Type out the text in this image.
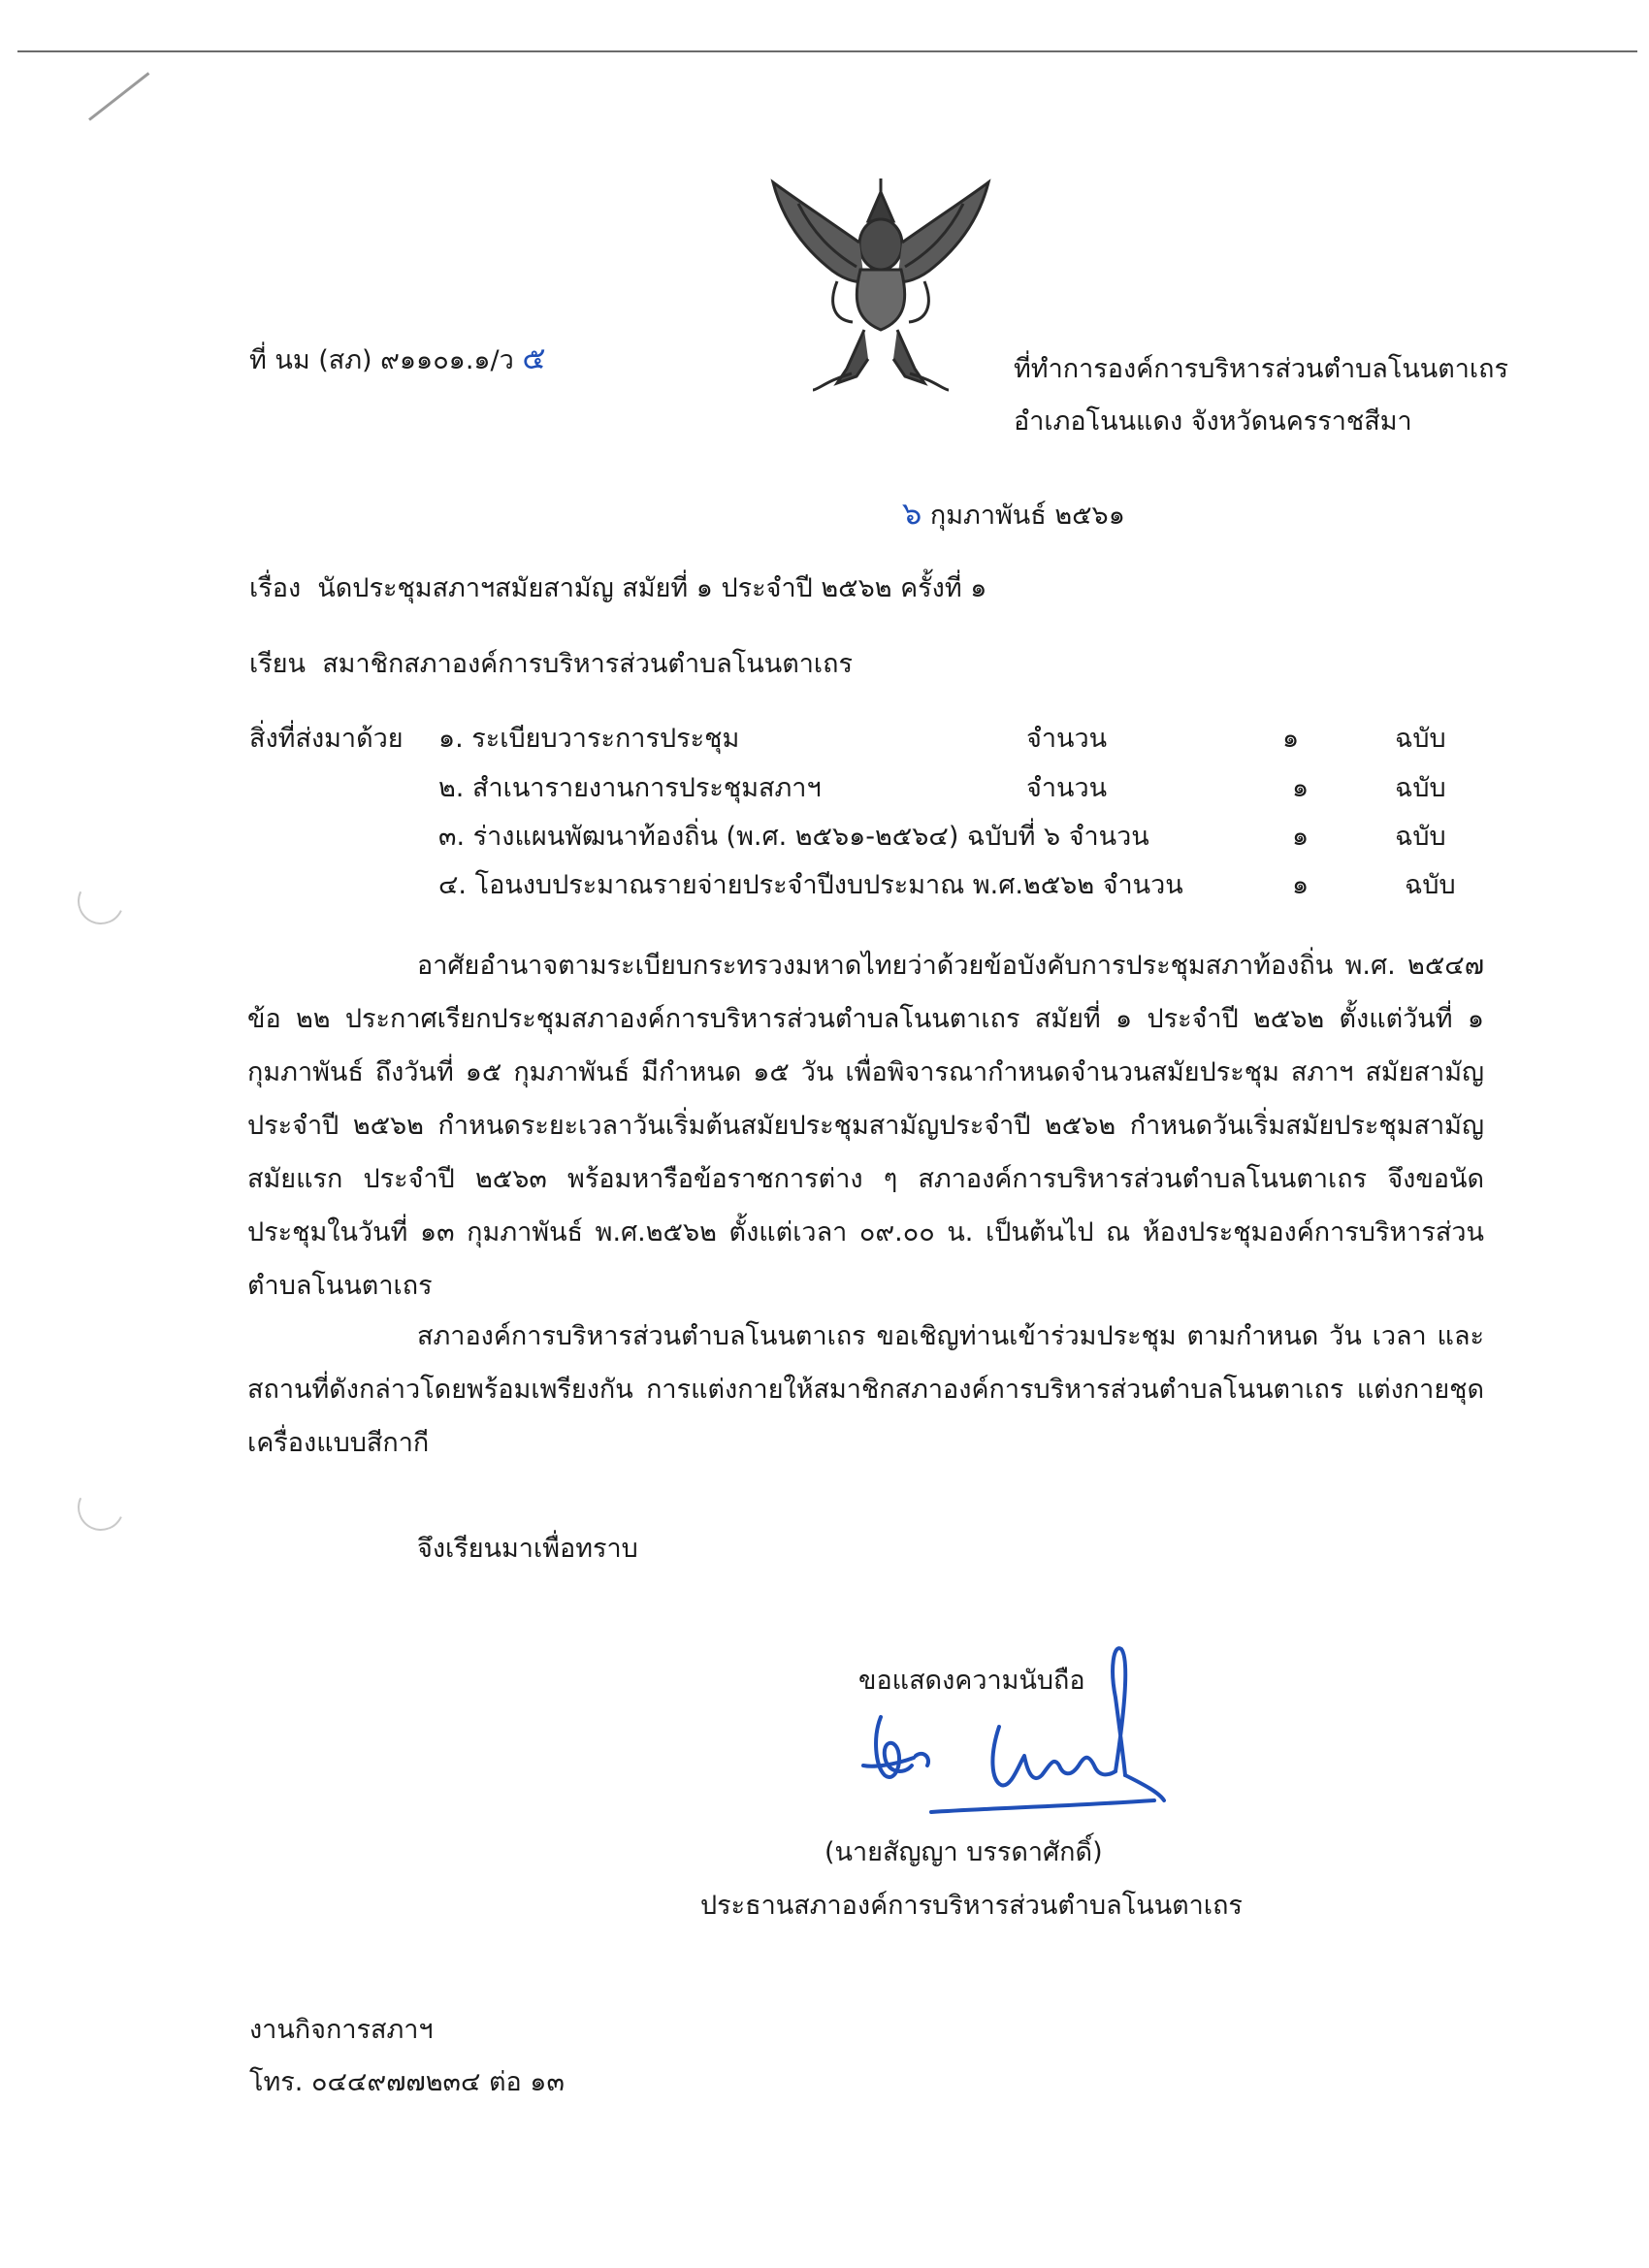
ที่ นม (สภ) ๙๑๑๐๑.๑/ว ๕	ที่ทำการองค์การบริหารส่วนตำบลโนนตาเถร
อำเภอโนนแดง จังหวัดนครราชสีมา
๖ กุมภาพันธ์ ๒๕๖๑
เรื่อง นัดประชุมสภาฯสมัยสามัญ สมัยที่ ๑ ประจำปี ๒๕๖๒ ครั้งที่ ๑
เรียน สมาชิกสภาองค์การบริหารส่วนตำบลโนนตาเถร
สิ่งที่ส่งมาด้วย ๑. ระเบียบวาระการประชุม	จำนวน	๑	ฉบับ
๒. สำเนารายงานการประชุมสภาฯ	จำนวน	๑	ฉบับ
๓. ร่างแผนพัฒนาท้องถิ่น (พ.ศ. ๒๕๖๑-๒๕๖๔) ฉบับที่ ๖ จำนวน	๑	ฉบับ
๔. โอนงบประมาณรายจ่ายประจำปีงบประมาณ พ.ศ.๒๕๖๒ จำนวน	๑	ฉบับ
อาศัยอำนาจตามระเบียบกระทรวงมหาดไทยว่าด้วยข้อบังคับการประชุมสภาท้องถิ่น พ.ศ. ๒๕๔๗ ข้อ ๒๒ ประกาศเรียกประชุมสภาองค์การบริหารส่วนตำบลโนนตาเถร สมัยที่ ๑ ประจำปี ๒๕๖๒ ตั้งแต่วันที่ ๑ กุมภาพันธ์ ถึงวันที่ ๑๕ กุมภาพันธ์ มีกำหนด ๑๕ วัน เพื่อพิจารณากำหนดจำนวนสมัยประชุม สภาฯ สมัยสามัญประจำปี ๒๕๖๒ กำหนดระยะเวลาวันเริ่มต้นสมัยประชุมสามัญประจำปี ๒๕๖๒ กำหนดวันเริ่มสมัยประชุมสามัญสมัยแรก ประจำปี ๒๕๖๓ พร้อมหารือข้อราชการต่าง ๆ สภาองค์การบริหารส่วนตำบลโนนตาเถร จึงขอนัดประชุมในวันที่ ๑๓ กุมภาพันธ์ พ.ศ.๒๕๖๒ ตั้งแต่เวลา ๐๙.๐๐ น. เป็นต้นไป ณ ห้องประชุมองค์การบริหารส่วนตำบลโนนตาเถร
สภาองค์การบริหารส่วนตำบลโนนตาเถร ขอเชิญท่านเข้าร่วมประชุม ตามกำหนด วัน เวลา และสถานที่ดังกล่าวโดยพร้อมเพรียงกัน การแต่งกายให้สมาชิกสภาองค์การบริหารส่วนตำบลโนนตาเถร แต่งกายชุดเครื่องแบบสีกากี
จึงเรียนมาเพื่อทราบ
ขอแสดงความนับถือ
(นายสัญญา บรรดาศักดิ์)
ประธานสภาองค์การบริหารส่วนตำบลโนนตาเถร
งานกิจการสภาฯ
โทร. ๐๔๔๙๗๗๒๓๔ ต่อ ๑๓
